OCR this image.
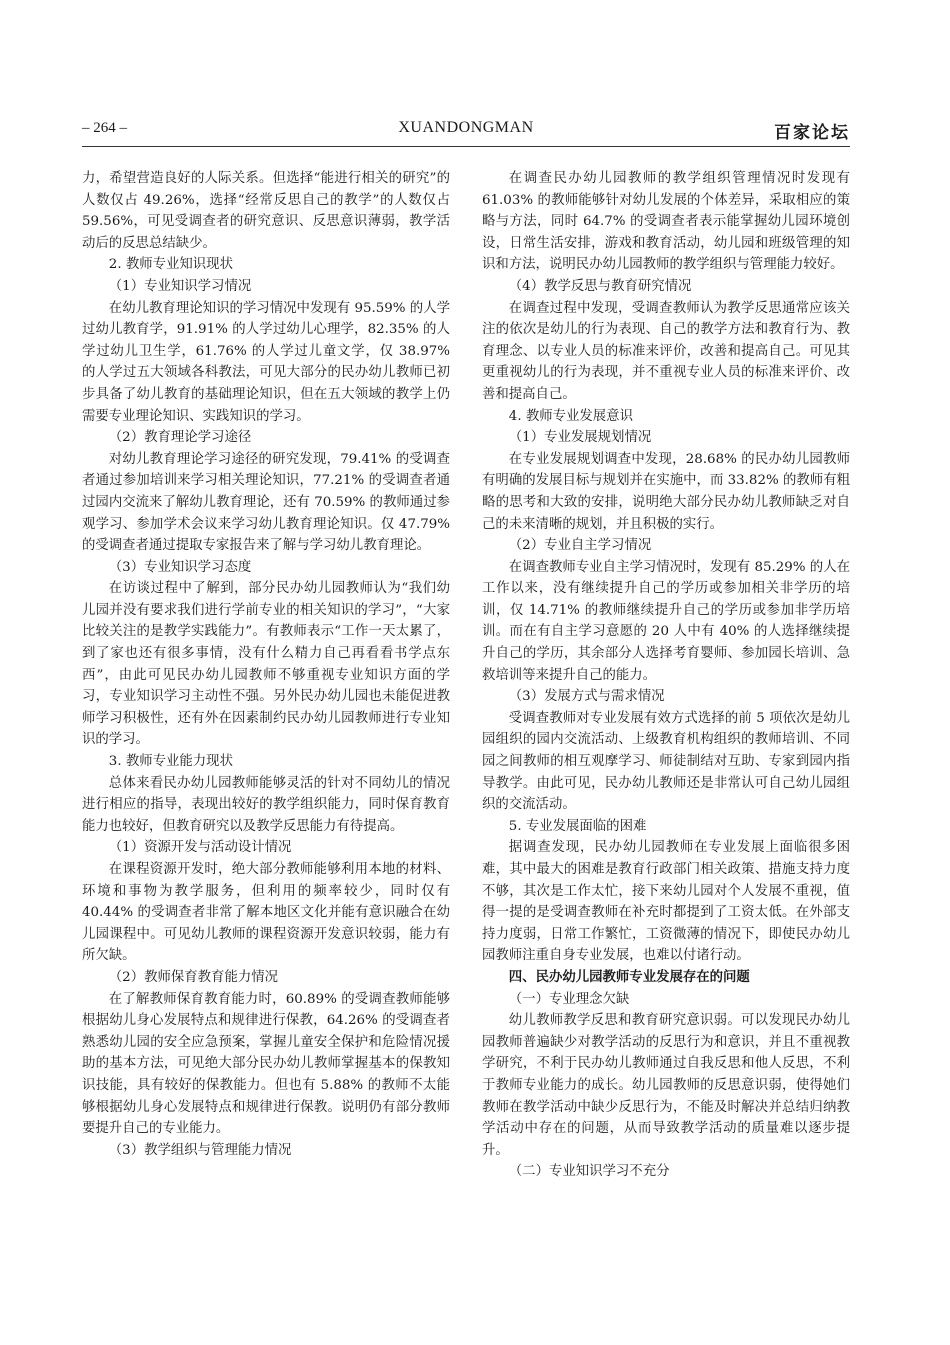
– 264 –	XUANDONGMAN	百家论坛

力，希望营造良好的人际关系。但选择“能进行相关的研究”的人数仅占 49.26%，选择“经常反思自己的教学”的人数仅占 59.56%，可见受调查者的研究意识、反思意识薄弱，教学活动后的反思总结缺少。

2. 教师专业知识现状
（1）专业知识学习情况

在幼儿教育理论知识的学习情况中发现有 95.59% 的人学过幼儿教育学，91.91% 的人学过幼儿心理学，82.35% 的人学过幼儿卫生学，61.76% 的人学过儿童文学，仅 38.97% 的人学过五大领域各科教法，可见大部分的民办幼儿教师已初步具备了幼儿教育的基础理论知识，但在五大领域的教学上仍需要专业理论知识、实践知识的学习。

（2）教育理论学习途径

对幼儿教育理论学习途径的研究发现，79.41% 的受调查者通过参加培训来学习相关理论知识，77.21% 的受调查者通过园内交流来了解幼儿教育理论，还有 70.59% 的教师通过参观学习、参加学术会议来学习幼儿教育理论知识。仅 47.79% 的受调查者通过提取专家报告来了解与学习幼儿教育理论。

（3）专业知识学习态度

在访谈过程中了解到，部分民办幼儿园教师认为“我们幼儿园并没有要求我们进行学前专业的相关知识的学习”，“大家比较关注的是教学实践能力”。有教师表示“工作一天太累了，到了家也还有很多事情，没有什么精力自己再看看书学点东西”，由此可见民办幼儿园教师不够重视专业知识方面的学习，专业知识学习主动性不强。另外民办幼儿园也未能促进教师学习积极性，还有外在因素制约民办幼儿园教师进行专业知识的学习。

3. 教师专业能力现状

总体来看民办幼儿园教师能够灵活的针对不同幼儿的情况进行相应的指导，表现出较好的教学组织能力，同时保育教育能力也较好，但教育研究以及教学反思能力有待提高。

（1）资源开发与活动设计情况

在课程资源开发时，绝大部分教师能够利用本地的材料、环境和事物为教学服务，但利用的频率较少，同时仅有 40.44% 的受调查者非常了解本地区文化并能有意识融合在幼儿园课程中。可见幼儿教师的课程资源开发意识较弱，能力有所欠缺。

（2）教师保育教育能力情况

在了解教师保育教育能力时，60.89% 的受调查教师能够根据幼儿身心发展特点和规律进行保教，64.26% 的受调查者熟悉幼儿园的安全应急预案，掌握儿童安全保护和危险情况援助的基本方法，可见绝大部分民办幼儿教师掌握基本的保教知识技能，具有较好的保教能力。但也有 5.88% 的教师不太能够根据幼儿身心发展特点和规律进行保教。说明仍有部分教师要提升自己的专业能力。

（3）教学组织与管理能力情况

在调查民办幼儿园教师的教学组织管理情况时发现有 61.03% 的教师能够针对幼儿发展的个体差异，采取相应的策略与方法，同时 64.7% 的受调查者表示能掌握幼儿园环境创设，日常生活安排，游戏和教育活动，幼儿园和班级管理的知识和方法，说明民办幼儿园教师的教学组织与管理能力较好。

（4）教学反思与教育研究情况

在调查过程中发现，受调查教师认为教学反思通常应该关注的依次是幼儿的行为表现、自己的教学方法和教育行为、教育理念、以专业人员的标准来评价，改善和提高自己。可见其更重视幼儿的行为表现，并不重视专业人员的标准来评价、改善和提高自己。

4. 教师专业发展意识
（1）专业发展规划情况

在专业发展规划调查中发现，28.68% 的民办幼儿园教师有明确的发展目标与规划并在实施中，而 33.82% 的教师有粗略的思考和大致的安排，说明绝大部分民办幼儿教师缺乏对自己的未来清晰的规划，并且积极的实行。

（2）专业自主学习情况

在调查教师专业自主学习情况时，发现有 85.29% 的人在工作以来，没有继续提升自己的学历或参加相关非学历的培训，仅 14.71% 的教师继续提升自己的学历或参加非学历培训。而在有自主学习意愿的 20 人中有 40% 的人选择继续提升自己的学历，其余部分人选择考育婴师、参加园长培训、急救培训等来提升自己的能力。

（3）发展方式与需求情况

受调查教师对专业发展有效方式选择的前 5 项依次是幼儿园组织的园内交流活动、上级教育机构组织的教师培训、不同园之间教师的相互观摩学习、师徒制结对互助、专家到园内指导教学。由此可见，民办幼儿教师还是非常认可自己幼儿园组织的交流活动。

5. 专业发展面临的困难

据调查发现，民办幼儿园教师在专业发展上面临很多困难，其中最大的困难是教育行政部门相关政策、措施支持力度不够，其次是工作太忙，接下来幼儿园对个人发展不重视，值得一提的是受调查教师在补充时都提到了工资太低。在外部支持力度弱，日常工作繁忙，工资微薄的情况下，即使民办幼儿园教师注重自身专业发展，也难以付诸行动。

四、民办幼儿园教师专业发展存在的问题
（一）专业理念欠缺

幼儿教师教学反思和教育研究意识弱。可以发现民办幼儿园教师普遍缺少对教学活动的反思行为和意识，并且不重视教学研究，不利于民办幼儿教师通过自我反思和他人反思，不利于教师专业能力的成长。幼儿园教师的反思意识弱，使得她们教师在教学活动中缺少反思行为，不能及时解决并总结归纳教学活动中存在的问题，从而导致教学活动的质量难以逐步提升。

（二）专业知识学习不充分
